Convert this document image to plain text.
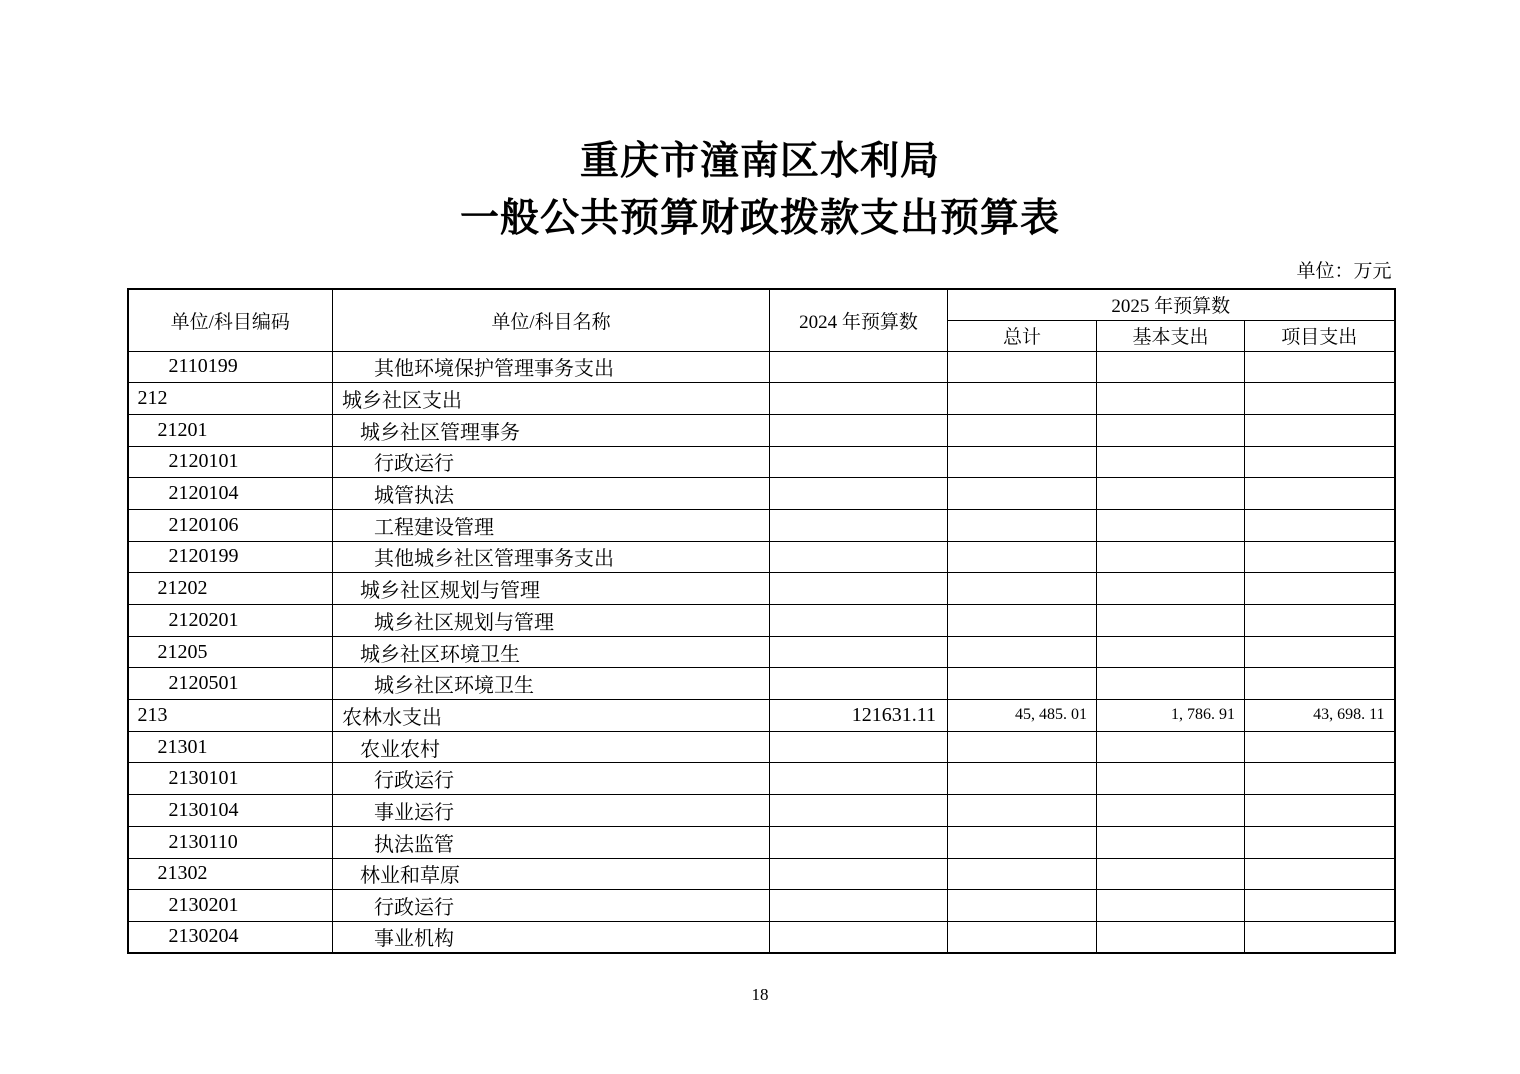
重庆市潼南区水利局
一般公共预算财政拨款支出预算表
单位：万元
单位/科目编码	单位/科目名称	2024 年预算数	2025 年预算数		
			总计	基本支出	项目支出
2110199	其他环境保护管理事务支出				
212	城乡社区支出				
21201	城乡社区管理事务				
2120101	行政运行				
2120104	城管执法				
2120106	工程建设管理				
2120199	其他城乡社区管理事务支出				
21202	城乡社区规划与管理				
2120201	城乡社区规划与管理				
21205	城乡社区环境卫生				
2120501	城乡社区环境卫生				
213	农林水支出	121631.11	45, 485. 01	1, 786. 91	43, 698. 11
21301	农业农村				
2130101	行政运行				
2130104	事业运行				
2130110	执法监管				
21302	林业和草原				
2130201	行政运行				
2130204	事业机构				
18
